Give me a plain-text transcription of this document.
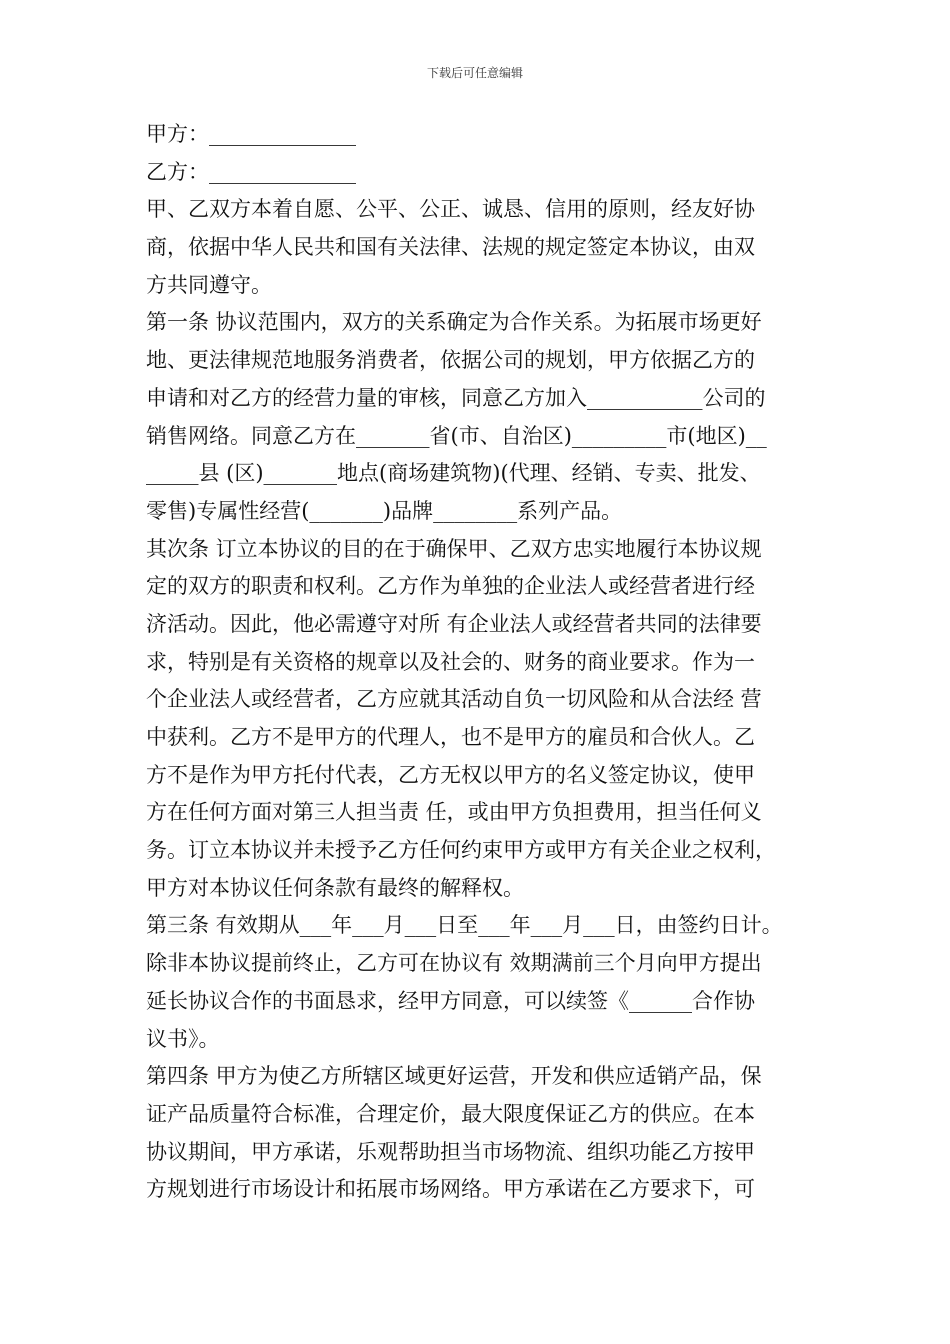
下载后可任意编辑
甲方：______________
乙方：______________
甲、乙双方本着自愿、公平、公正、诚恳、信用的原则，经友好协
商，依据中华人民共和国有关法律、法规的规定签定本协议，由双
方共同遵守。
第一条 协议范围内，双方的关系确定为合作关系。为拓展市场更好
地、更法律规范地服务消费者，依据公司的规划，甲方依据乙方的
申请和对乙方的经营力量的审核，同意乙方加入___________公司的
销售网络。同意乙方在_______省(市、自治区)_________市(地区)__
_____县 (区)_______地点(商场建筑物)(代理、经销、专卖、批发、
零售)专属性经营(_______)品牌________系列产品。
其次条 订立本协议的目的在于确保甲、乙双方忠实地履行本协议规
定的双方的职责和权利。乙方作为单独的企业法人或经营者进行经
济活动。因此，他必需遵守对所 有企业法人或经营者共同的法律要
求，特别是有关资格的规章以及社会的、财务的商业要求。作为一
个企业法人或经营者，乙方应就其活动自负一切风险和从合法经 营
中获利。乙方不是甲方的代理人，也不是甲方的雇员和合伙人。乙
方不是作为甲方托付代表，乙方无权以甲方的名义签定协议，使甲
方在任何方面对第三人担当责 任，或由甲方负担费用，担当任何义
务。订立本协议并未授予乙方任何约束甲方或甲方有关企业之权利，
甲方对本协议任何条款有最终的解释权。
第三条 有效期从___年___月___日至___年___月___日，由签约日计。
除非本协议提前终止，乙方可在协议有 效期满前三个月向甲方提出
延长协议合作的书面恳求，经甲方同意，可以续签《______合作协
议书》。
第四条 甲方为使乙方所辖区域更好运营，开发和供应适销产品，保
证产品质量符合标准，合理定价，最大限度保证乙方的供应。在本
协议期间，甲方承诺，乐观帮助担当市场物流、组织功能乙方按甲
方规划进行市场设计和拓展市场网络。甲方承诺在乙方要求下，可
